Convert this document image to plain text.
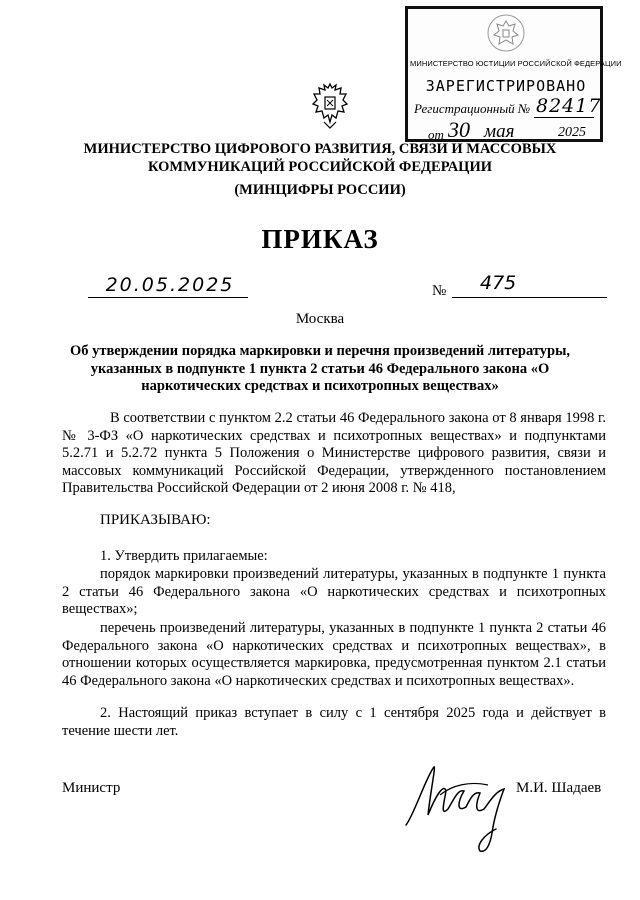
МИНИСТЕРСТВО ЮСТИЦИИ РОССИЙСКОЙ ФЕДЕРАЦИИ
ЗАРЕГИСТРИРОВАНО
Регистрационный № 82417
от 30 мая	2025
МИНИСТЕРСТВО ЦИФРОВОГО РАЗВИТИЯ, СВЯЗИ И МАССОВЫХ КОММУНИКАЦИЙ РОССИЙСКОЙ ФЕДЕРАЦИИ
(МИНЦИФРЫ РОССИИ)
ПРИКАЗ
20.05.2025	№	475
Москва
Об утверждении порядка маркировки и перечня произведений литературы, указанных в подпункте 1 пункта 2 статьи 46 Федерального закона «О наркотических средствах и психотропных веществах»
В соответствии с пунктом 2.2 статьи 46 Федерального закона от 8 января 1998 г. № 3-ФЗ «О наркотических средствах и психотропных веществах» и подпунктами 5.2.71 и 5.2.72 пункта 5 Положения о Министерстве цифрового развития, связи и массовых коммуникаций Российской Федерации, утвержденного постановлением Правительства Российской Федерации от 2 июня 2008 г. № 418,
ПРИКАЗЫВАЮ:
1. Утвердить прилагаемые:
порядок маркировки произведений литературы, указанных в подпункте 1 пункта 2 статьи 46 Федерального закона «О наркотических средствах и психотропных веществах»;
перечень произведений литературы, указанных в подпункте 1 пункта 2 статьи 46 Федерального закона «О наркотических средствах и психотропных веществах», в отношении которых осуществляется маркировка, предусмотренная пунктом 2.1 статьи 46 Федерального закона «О наркотических средствах и психотропных веществах».
2. Настоящий приказ вступает в силу с 1 сентября 2025 года и действует в течение шести лет.
Министр	М.И. Шадаев
